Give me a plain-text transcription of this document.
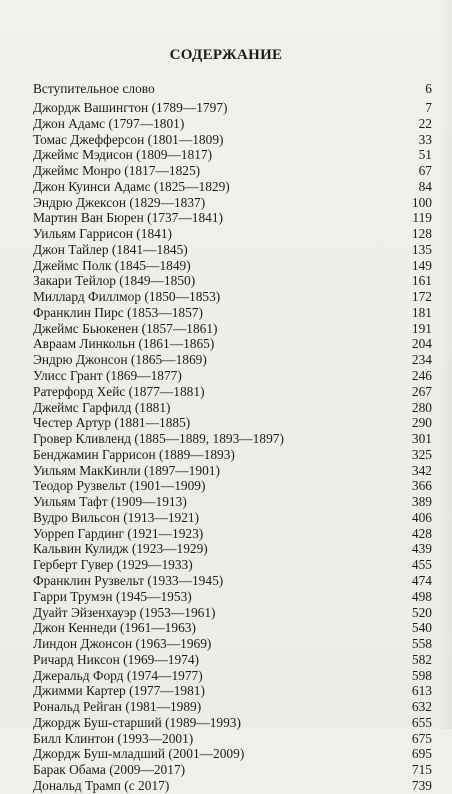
СОДЕРЖАНИЕ
Вступительное слово	6
Джордж Вашингтон (1789—1797)	7
Джон Адамс (1797—1801)	22
Томас Джефферсон (1801—1809)	33
Джеймс Мэдисон (1809—1817)	51
Джеймс Монро (1817—1825)	67
Джон Куинси Адамс (1825—1829)	84
Эндрю Джексон (1829—1837)	100
Мартин Ван Бюрен (1737—1841)	119
Уильям Гаррисон (1841)	128
Джон Тайлер (1841—1845)	135
Джеймс Полк (1845—1849)	149
Закари Тейлор (1849—1850)	161
Миллард Филлмор (1850—1853)	172
Франклин Пирс (1853—1857)	181
Джеймс Бьюкенен (1857—1861)	191
Авраам Линкольн (1861—1865)	204
Эндрю Джонсон (1865—1869)	234
Улисс Грант (1869—1877)	246
Ратерфорд Хейс (1877—1881)	267
Джеймс Гарфилд (1881)	280
Честер Артур (1881—1885)	290
Гровер Кливленд (1885—1889, 1893—1897)	301
Бенджамин Гаррисон (1889—1893)	325
Уильям МакКинли (1897—1901)	342
Теодор Рузвельт (1901—1909)	366
Уильям Тафт (1909—1913)	389
Вудро Вильсон (1913—1921)	406
Уорреп Гардинг (1921—1923)	428
Кальвин Кулидж (1923—1929)	439
Герберт Гувер (1929—1933)	455
Франклин Рузвельт (1933—1945)	474
Гарри Трумэн (1945—1953)	498
Дуайт Эйзенхауэр (1953—1961)	520
Джон Кеннеди (1961—1963)	540
Линдон Джонсон (1963—1969)	558
Ричард Никсон (1969—1974)	582
Джеральд Форд (1974—1977)	598
Джимми Картер (1977—1981)	613
Рональд Рейган (1981—1989)	632
Джордж Буш-старший (1989—1993)	655
Билл Клинтон (1993—2001)	675
Джордж Буш-младший (2001—2009)	695
Барак Обама (2009—2017)	715
Дональд Трамп (с 2017)	739
